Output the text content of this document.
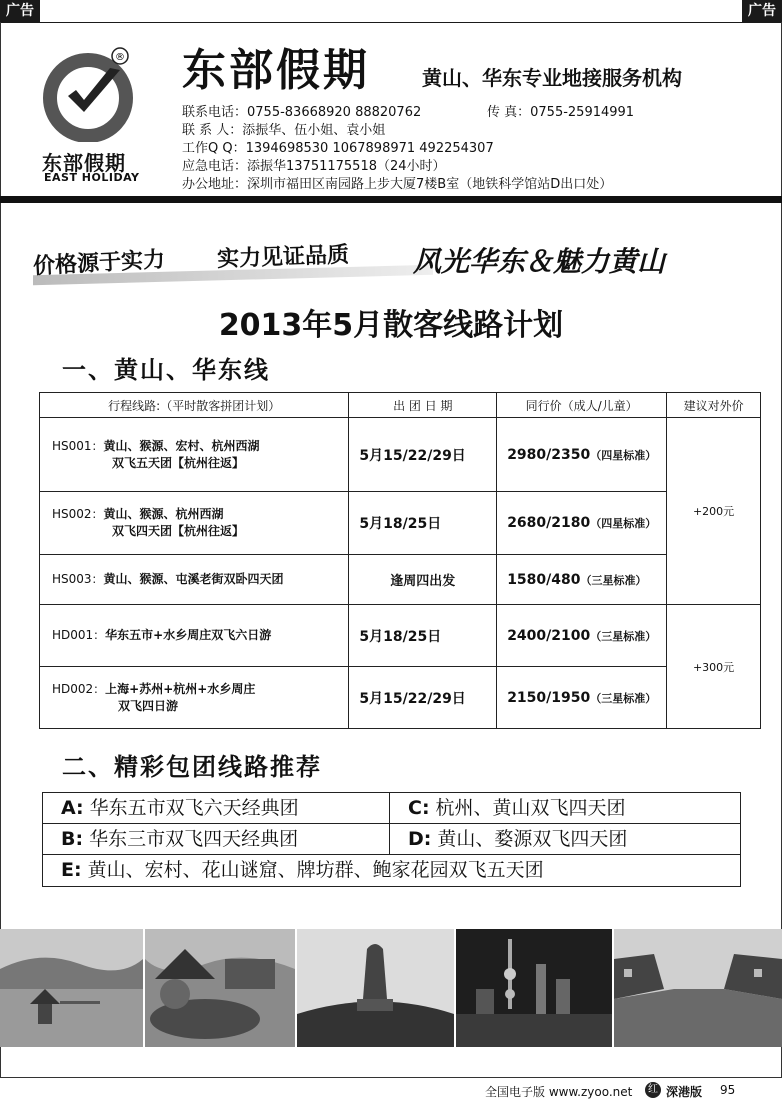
广告	广告
®
东部假期
EAST HOLIDAY
东部假期	黄山、华东专业地接服务机构
联系电话：0755-83668920 88820762	传 真：0755-25914991
联 系 人：添振华、伍小姐、袁小姐
工作Q Q：1394698530 1067898971 492254307
应急电话：添振华13751175518（24小时）
办公地址：深圳市福田区南园路上步大厦7楼B室（地铁科学馆站D出口处）
价格源于实力 实力见证品质 风光华东＆魅力黄山
2013年5月散客线路计划
一、黄山、华东线
行程线路:（平时散客拼团计划）	出 团 日 期	同行价（成人/儿童）	建议对外价

HS001：黄山、猴源、宏村、杭州西湖
双飞五天团【杭州往返】	5月15/22/29日	2980/2350（四星标准）	+200元

HS002：黄山、猴源、杭州西湖
双飞四天团【杭州往返】	5月18/25日	2680/2180（四星标准）	

HS003：黄山、猴源、屯溪老街双卧四天团	逢周四出发	1580/480（三星标准）	

HD001：华东五市+水乡周庄双飞六日游	5月18/25日	2400/2100（三星标准）	+300元

HD002：上海+苏州+杭州+水乡周庄
双飞四日游	5月15/22/29日	2150/1950（三星标准）	
二、精彩包团线路推荐
A: 华东五市双飞六天经典团	C: 杭州、黄山双飞四天团
B: 华东三市双飞四天经典团	D: 黄山、婺源双飞四天团
E: 黄山、宏村、花山谜窟、牌坊群、鲍家花园双飞五天团
全国电子版 www.zyoo.net	红 深港版 95
